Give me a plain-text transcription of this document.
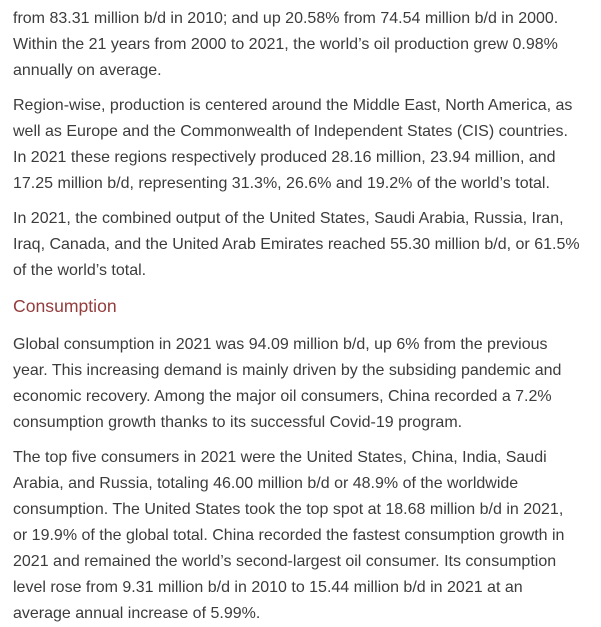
from 83.31 million b/d in 2010; and up 20.58% from 74.54 million b/d in 2000.
Within the 21 years from 2000 to 2021, the world’s oil production grew 0.98%
annually on average.
Region-wise, production is centered around the Middle East, North America, as
well as Europe and the Commonwealth of Independent States (CIS) countries.
In 2021 these regions respectively produced 28.16 million, 23.94 million, and
17.25 million b/d, representing 31.3%, 26.6% and 19.2% of the world’s total.
In 2021, the combined output of the United States, Saudi Arabia, Russia, Iran,
Iraq, Canada, and the United Arab Emirates reached 55.30 million b/d, or 61.5%
of the world’s total.
Consumption
Global consumption in 2021 was 94.09 million b/d, up 6% from the previous
year. This increasing demand is mainly driven by the subsiding pandemic and
economic recovery. Among the major oil consumers, China recorded a 7.2%
consumption growth thanks to its successful Covid-19 program.
The top five consumers in 2021 were the United States, China, India, Saudi
Arabia, and Russia, totaling 46.00 million b/d or 48.9% of the worldwide
consumption. The United States took the top spot at 18.68 million b/d in 2021,
or 19.9% of the global total. China recorded the fastest consumption growth in
2021 and remained the world’s second-largest oil consumer. Its consumption
level rose from 9.31 million b/d in 2010 to 15.44 million b/d in 2021 at an
average annual increase of 5.99%.
